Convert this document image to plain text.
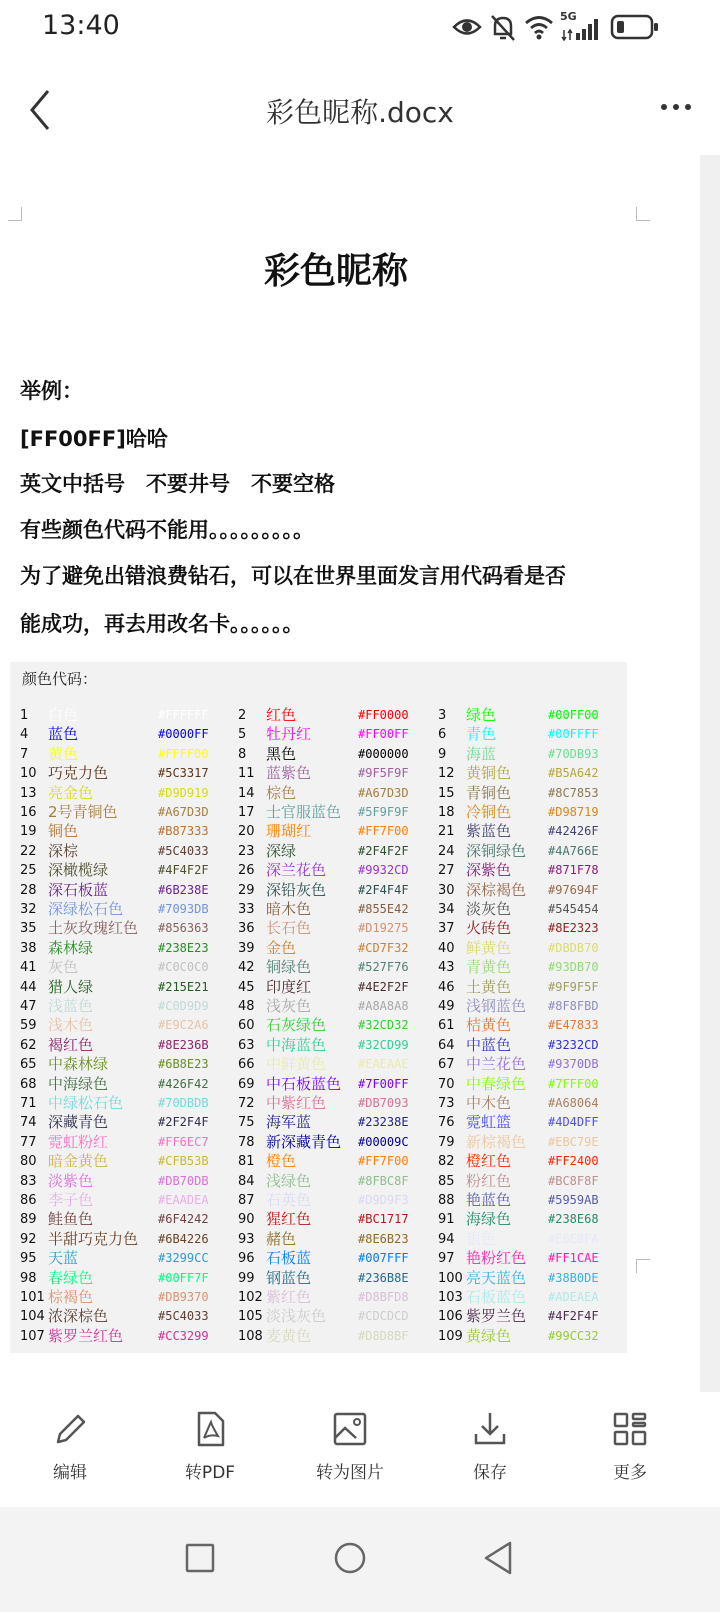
13:40	5G
彩色昵称.docx
彩色昵称
举例：
[FF00FF]哈哈
英文中括号　不要井号　不要空格
有些颜色代码不能用。。。。。。。。。
为了避免出错浪费钻石，可以在世界里面发言用代码看是否
能成功，再去用改名卡。。。。。。
颜色代码：
1 白色	#FFFFFF 2 红色	#FF0000 3 绿色	#00FF00
4 蓝色	#0000FF 5 牡丹红	#FF00FF 6 青色	#00FFFF
7 黄色	#FFFF00 8 黑色	#000000 9 海蓝	#70DB93
10 巧克力色	#5C3317 11 蓝紫色	#9F5F9F 12 黄铜色	#B5A642
13 亮金色	#D9D919 14 棕色	#A67D3D 15 青铜色	#8C7853
16 2号青铜色	#A67D3D 17 士官服蓝色 #5F9F9F 18 冷铜色	#D98719
19 铜色	#B87333 20 珊瑚红	#FF7F00 21 紫蓝色	#42426F
22 深棕	#5C4033 23 深绿	#2F4F2F 24 深铜绿色 #4A766E
25 深橄榄绿	#4F4F2F 26 深兰花色	#9932CD 27 深紫色	#871F78
28 深石板蓝	#6B238E 29 深铅灰色	#2F4F4F 30 深棕褐色 #97694F
32 深绿松石色	#7093DB 33 暗木色	#855E42 34 淡灰色	#545454
35 土灰玫瑰红色 #856363 36 长石色	#D19275 37 火砖色	#8E2323
38 森林绿	#238E23 39 金色	#CD7F32 40 鲜黄色	#DBDB70
41 灰色	#C0C0C0 42 铜绿色	#527F76 43 青黄色	#93DB70
44 猎人绿	#215E21 45 印度红	#4E2F2F 46 土黄色	#9F9F5F
47 浅蓝色	#C0D9D9 48 浅灰色	#A8A8A8 49 浅钢蓝色 #8F8FBD
59 浅木色	#E9C2A6 60 石灰绿色	#32CD32 61 桔黄色	#E47833
62 褐红色	#8E236B 63 中海蓝色	#32CD99 64 中蓝色	#3232CD
65 中森林绿	#6B8E23 66 中鲜黄色	#EAEAAE 67 中兰花色 #9370DB
68 中海绿色	#426F42 69 中石板蓝色 #7F00FF 70 中春绿色 #7FFF00
71 中绿松石色	#70DBDB 72 中紫红色	#DB7093 73 中木色	#A68064
74 深藏青色	#2F2F4F 75 海军蓝	#23238E 76 霓虹篮	#4D4DFF
77 霓虹粉红	#FF6EC7 78 新深藏青色 #00009C 79 新棕褐色 #EBC79E
80 暗金黄色	#CFB53B 81 橙色	#FF7F00 82 橙红色	#FF2400
83 淡紫色	#DB70DB 84 浅绿色	#8FBC8F 85 粉红色	#BC8F8F
86 李子色	#EAADEA 87 石英色	#D9D9F3 88 艳蓝色	#5959AB
89 鲑鱼色	#6F4242 90 猩红色	#BC1717 91 海绿色	#238E68
92 半甜巧克力色 #6B4226 93 赭色	#8E6B23 94 银色	#E6E8FA
95 天蓝	#3299CC 96 石板蓝	#007FFF 97 艳粉红色 #FF1CAE
98 春绿色	#00FF7F 99 钢蓝色	#236B8E 100 亮天蓝色 #38B0DE
101 棕褐色	#DB9370 102 紫红色	#D8BFD8 103 石板蓝色 #ADEAEA
104 浓深棕色	#5C4033 105 淡浅灰色	#CDCDCD 106 紫罗兰色 #4F2F4F
107 紫罗兰红色	#CC3299 108 麦黄色	#D8D8BF 109 黄绿色	#99CC32
编辑	转PDF	转为图片	保存	更多
